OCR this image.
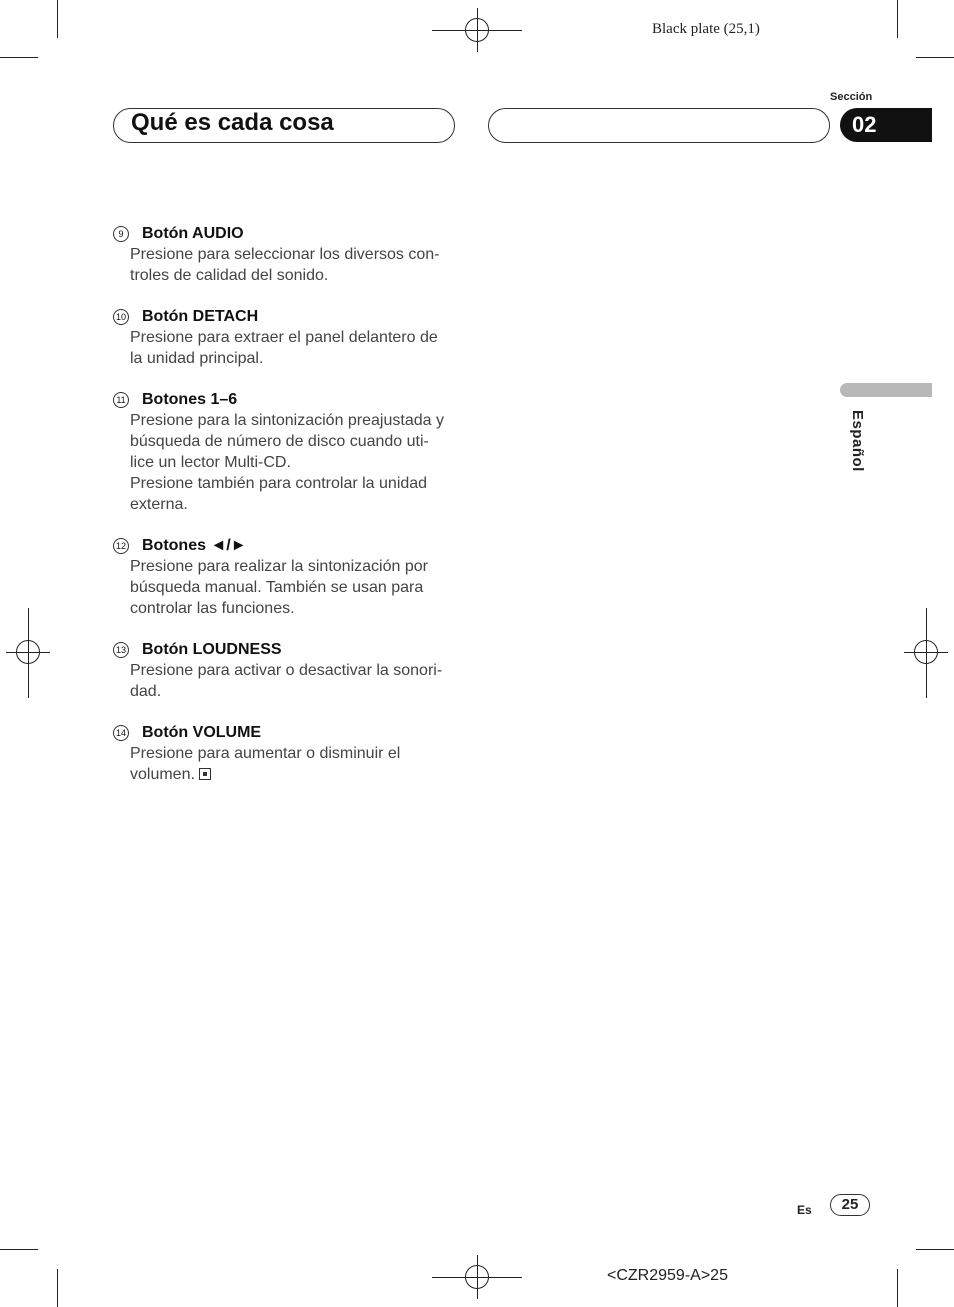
Black plate (25,1)
Sección
Qué es cada cosa	02
Español
9	Botón AUDIO

Presione para seleccionar los diversos con-

troles de calidad del sonido.

10 Botón DETACH

Presione para extraer el panel delantero de

la unidad principal.

11 Botones 1–6

Presione para la sintonización preajustada y

búsqueda de número de disco cuando uti-

lice un lector Multi-CD.

Presione también para controlar la unidad

externa.

12 Botones ◄/►

Presione para realizar la sintonización por

búsqueda manual. También se usan para

controlar las funciones.

13 Botón LOUDNESS

Presione para activar o desactivar la sonori-

dad.

14 Botón VOLUME

Presione para aumentar o disminuir el

volumen.

Es	25
<CZR2959-A>25
